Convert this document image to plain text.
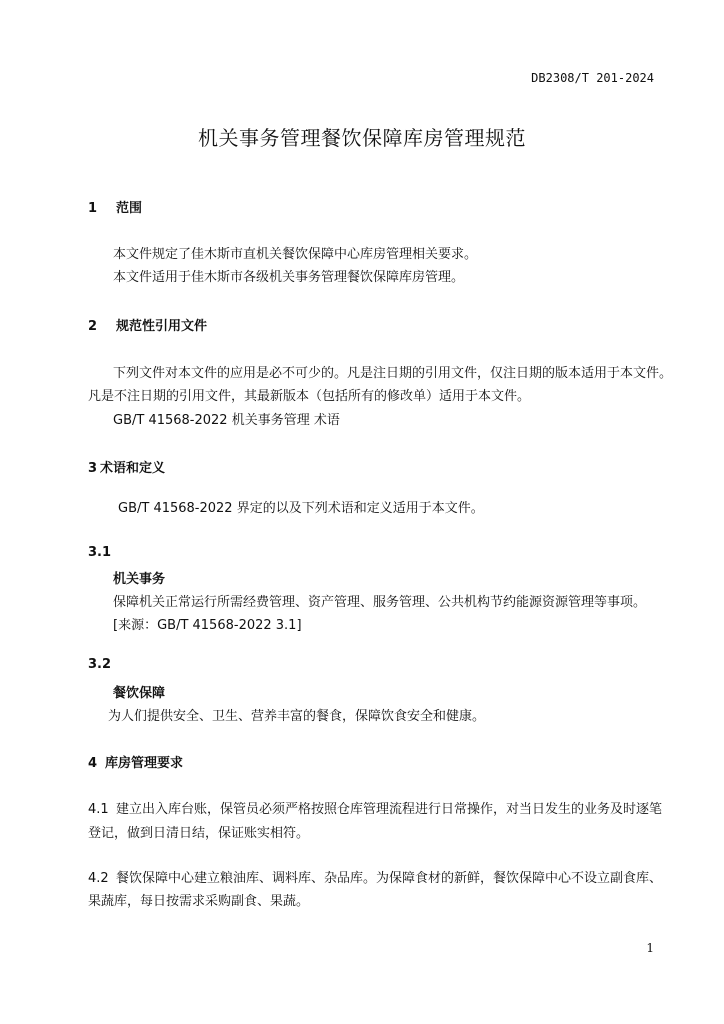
DB2308/T 201-2024
机关事务管理餐饮保障库房管理规范
1 范围
本文件规定了佳木斯市直机关餐饮保障中心库房管理相关要求。
本文件适用于佳木斯市各级机关事务管理餐饮保障库房管理。
2 规范性引用文件
下列文件对本文件的应用是必不可少的。凡是注日期的引用文件，仅注日期的版本适用于本文件。
凡是不注日期的引用文件，其最新版本（包括所有的修改单）适用于本文件。
GB/T 41568-2022 机关事务管理 术语
3 术语和定义
GB/T 41568-2022 界定的以及下列术语和定义适用于本文件。
3.1
机关事务
保障机关正常运行所需经费管理、资产管理、服务管理、公共机构节约能源资源管理等事项。
[来源：GB/T 41568-2022 3.1]
3.2
餐饮保障
为人们提供安全、卫生、营养丰富的餐食，保障饮食安全和健康。
4 库房管理要求
4.1 建立出入库台账，保管员必须严格按照仓库管理流程进行日常操作，对当日发生的业务及时逐笔
登记，做到日清日结，保证账实相符。
4.2 餐饮保障中心建立粮油库、调料库、杂品库。为保障食材的新鲜，餐饮保障中心不设立副食库、
果蔬库，每日按需求采购副食、果蔬。
1
